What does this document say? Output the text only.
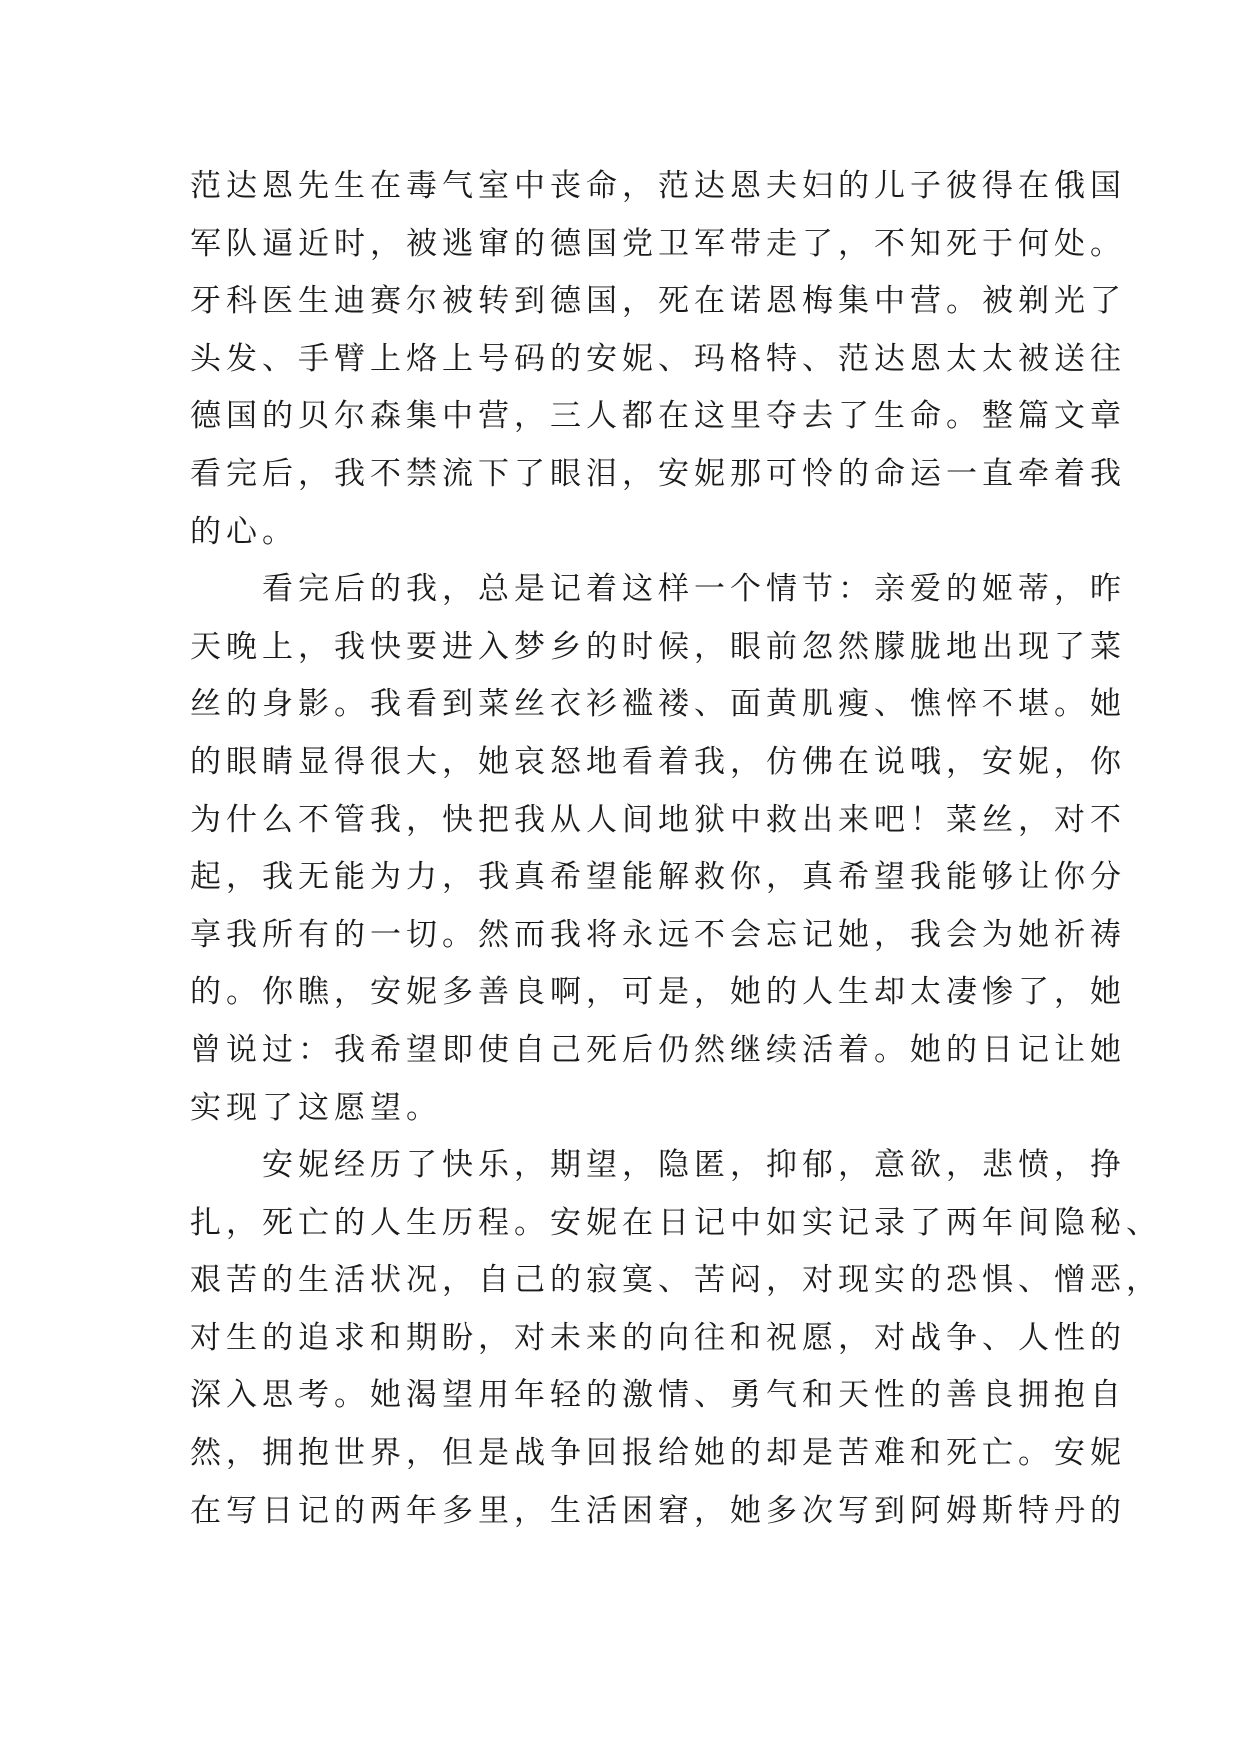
范达恩先生在毒气室中丧命，范达恩夫妇的儿子彼得在俄国

军队逼近时，被逃窜的德国党卫军带走了，不知死于何处。

牙科医生迪赛尔被转到德国，死在诺恩梅集中营。被剃光了

头发、手臂上烙上号码的安妮、玛格特、范达恩太太被送往

德国的贝尔森集中营，三人都在这里夺去了生命。整篇文章

看完后，我不禁流下了眼泪，安妮那可怜的命运一直牵着我

的心。

看完后的我，总是记着这样一个情节：亲爱的姬蒂，昨

天晚上，我快要进入梦乡的时候，眼前忽然朦胧地出现了菜

丝的身影。我看到菜丝衣衫褴褛、面黄肌瘦、憔悴不堪。她

的眼睛显得很大，她哀怒地看着我，仿佛在说哦，安妮，你

为什么不管我，快把我从人间地狱中救出来吧！菜丝，对不

起，我无能为力，我真希望能解救你，真希望我能够让你分

享我所有的一切。然而我将永远不会忘记她，我会为她祈祷

的。你瞧，安妮多善良啊，可是，她的人生却太凄惨了，她

曾说过：我希望即使自己死后仍然继续活着。她的日记让她

实现了这愿望。

安妮经历了快乐，期望，隐匿，抑郁，意欲，悲愤，挣

扎，死亡的人生历程。安妮在日记中如实记录了两年间隐秘、

艰苦的生活状况，自己的寂寞、苦闷，对现实的恐惧、憎恶，

对生的追求和期盼，对未来的向往和祝愿，对战争、人性的

深入思考。她渴望用年轻的激情、勇气和天性的善良拥抱自

然，拥抱世界，但是战争回报给她的却是苦难和死亡。安妮

在写日记的两年多里，生活困窘，她多次写到阿姆斯特丹的
